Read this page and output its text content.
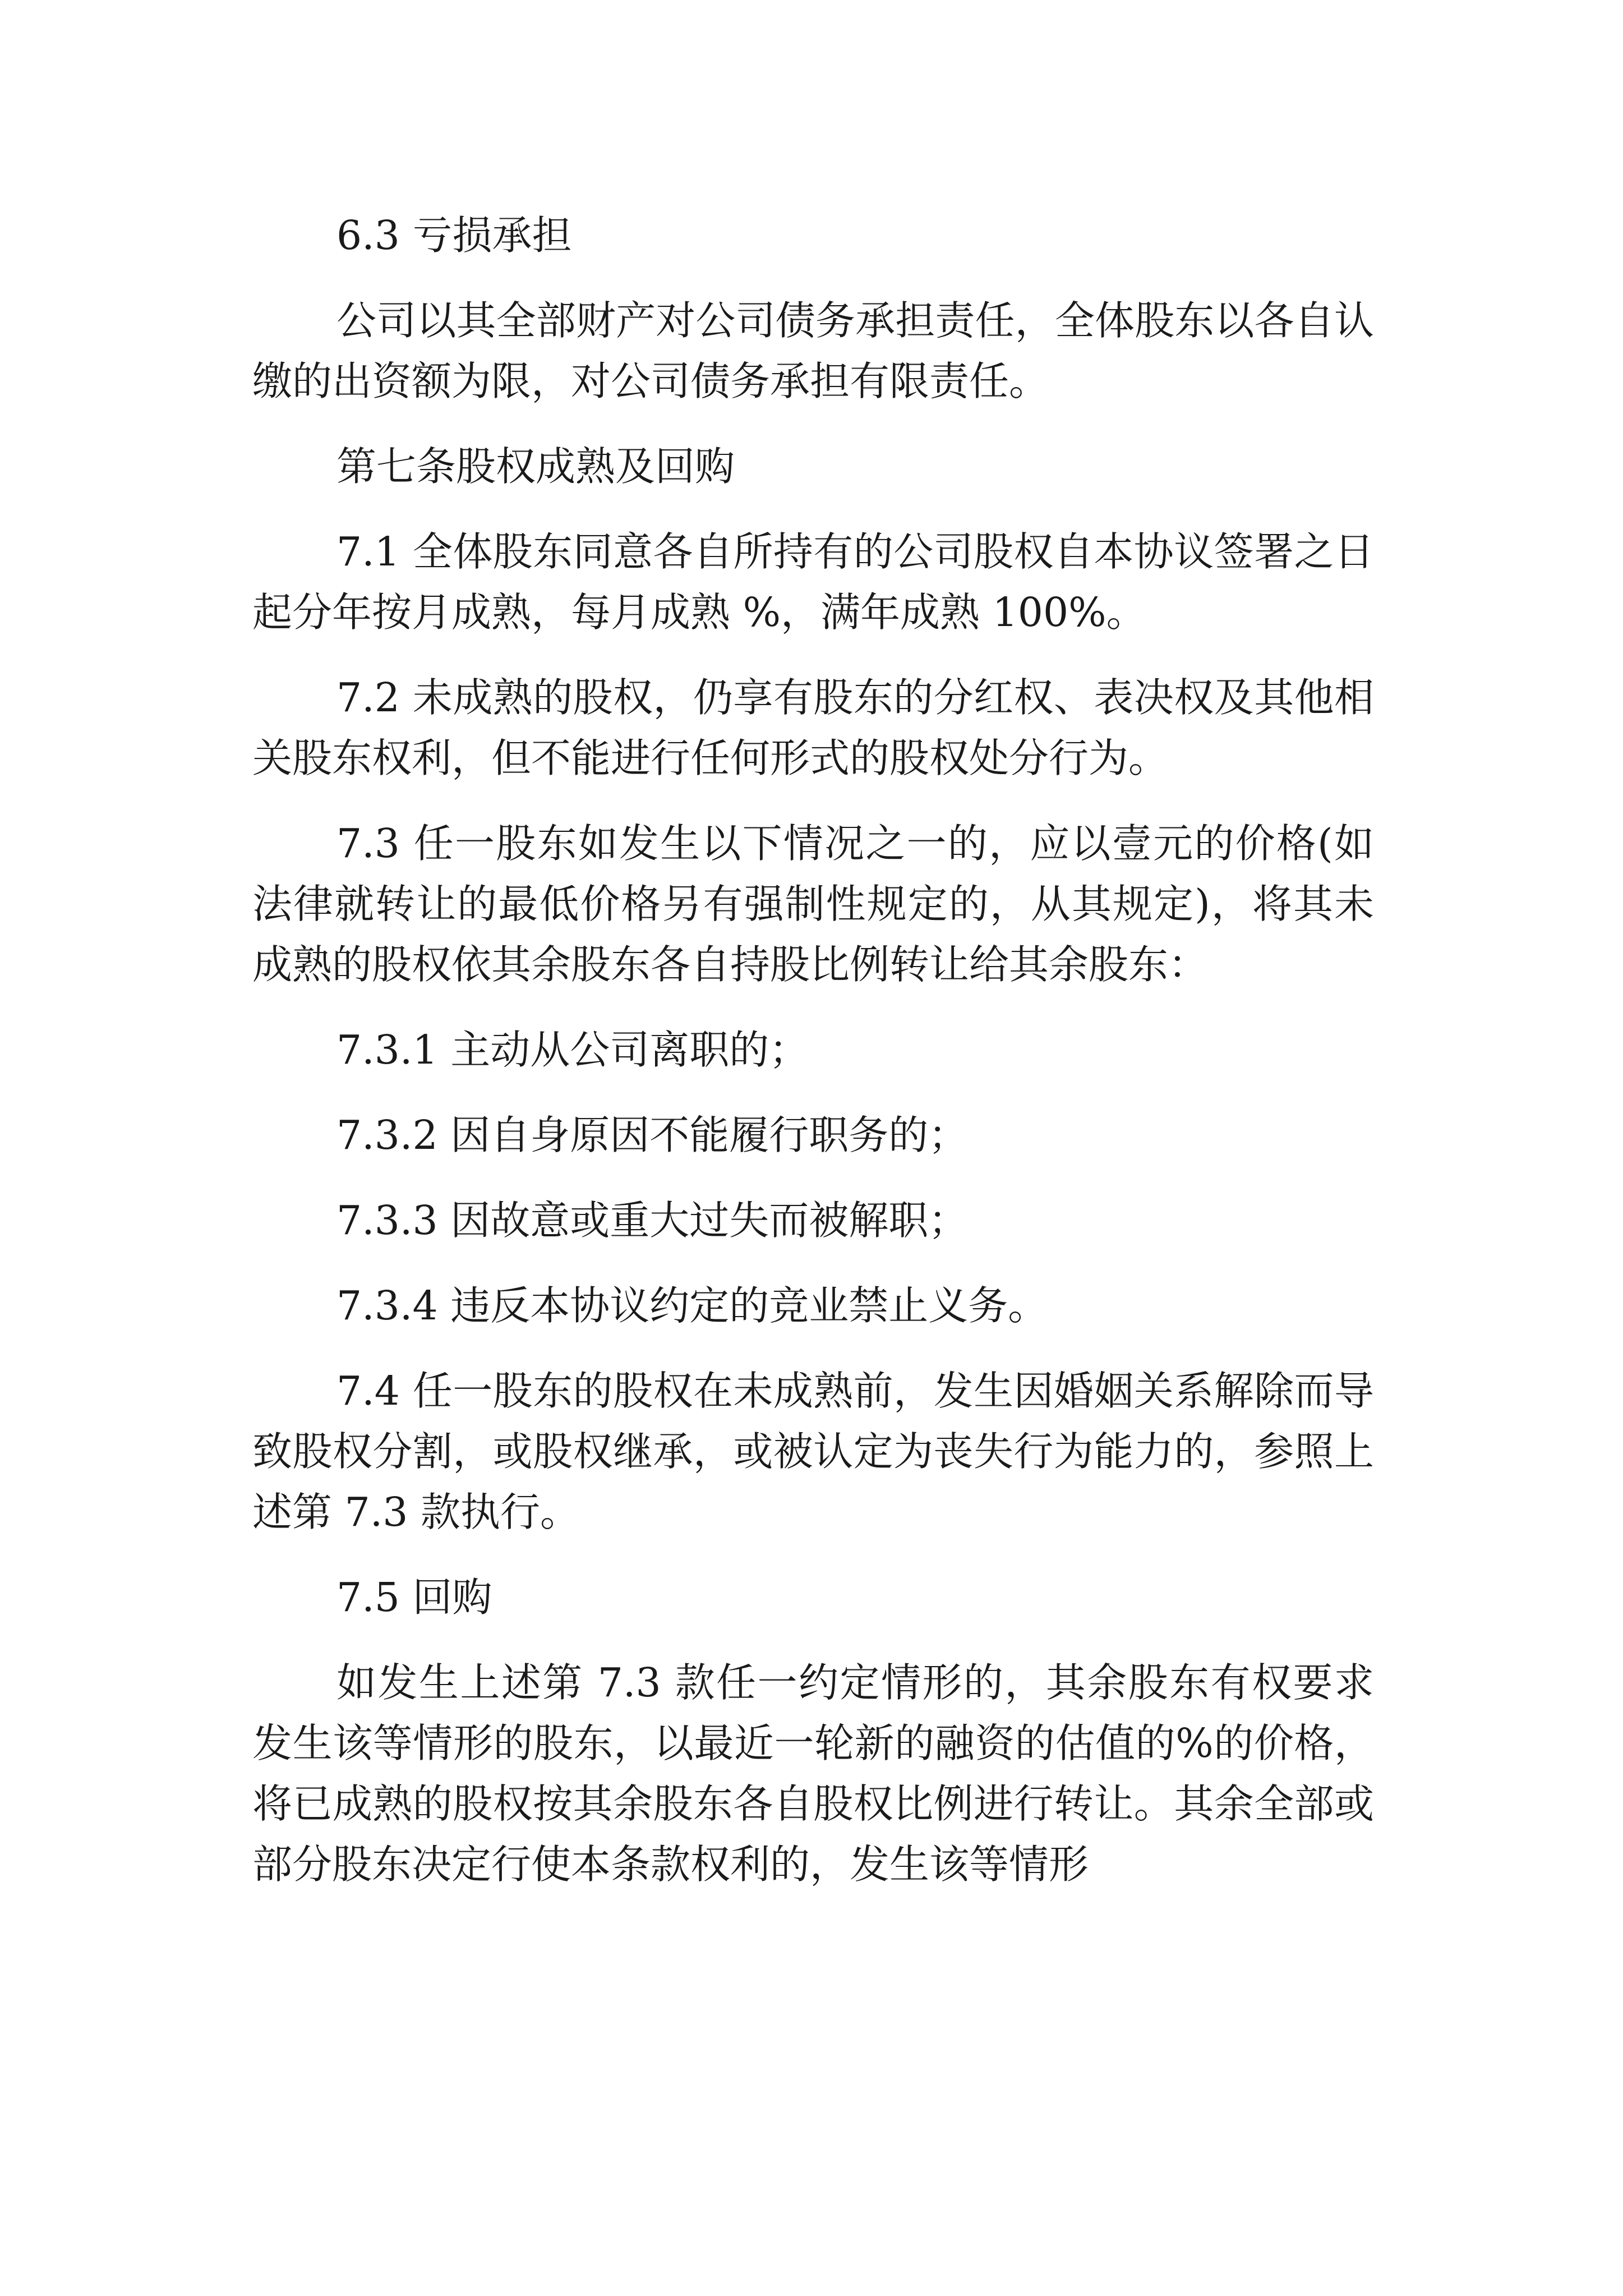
6.3 亏损承担

公司以其全部财产对公司债务承担责任，全体股东以各自认缴的出资额为限，对公司债务承担有限责任。

第七条股权成熟及回购

7.1 全体股东同意各自所持有的公司股权自本协议签署之日起分年按月成熟，每月成熟 %，满年成熟 100%。

7.2 未成熟的股权，仍享有股东的分红权、表决权及其他相关股东权利，但不能进行任何形式的股权处分行为。

7.3 任一股东如发生以下情况之一的，应以壹元的价格(如法律就转让的最低价格另有强制性规定的，从其规定)，将其未成熟的股权依其余股东各自持股比例转让给其余股东：

7.3.1 主动从公司离职的；

7.3.2 因自身原因不能履行职务的；

7.3.3 因故意或重大过失而被解职；

7.3.4 违反本协议约定的竞业禁止义务。

7.4 任一股东的股权在未成熟前，发生因婚姻关系解除而导致股权分割，或股权继承，或被认定为丧失行为能力的，参照上述第 7.3 款执行。

7.5 回购

如发生上述第 7.3 款任一约定情形的，其余股东有权要求发生该等情形的股东，以最近一轮新的融资的估值的%的价格，将已成熟的股权按其余股东各自股权比例进行转让。其余全部或部分股东决定行使本条款权利的，发生该等情形
